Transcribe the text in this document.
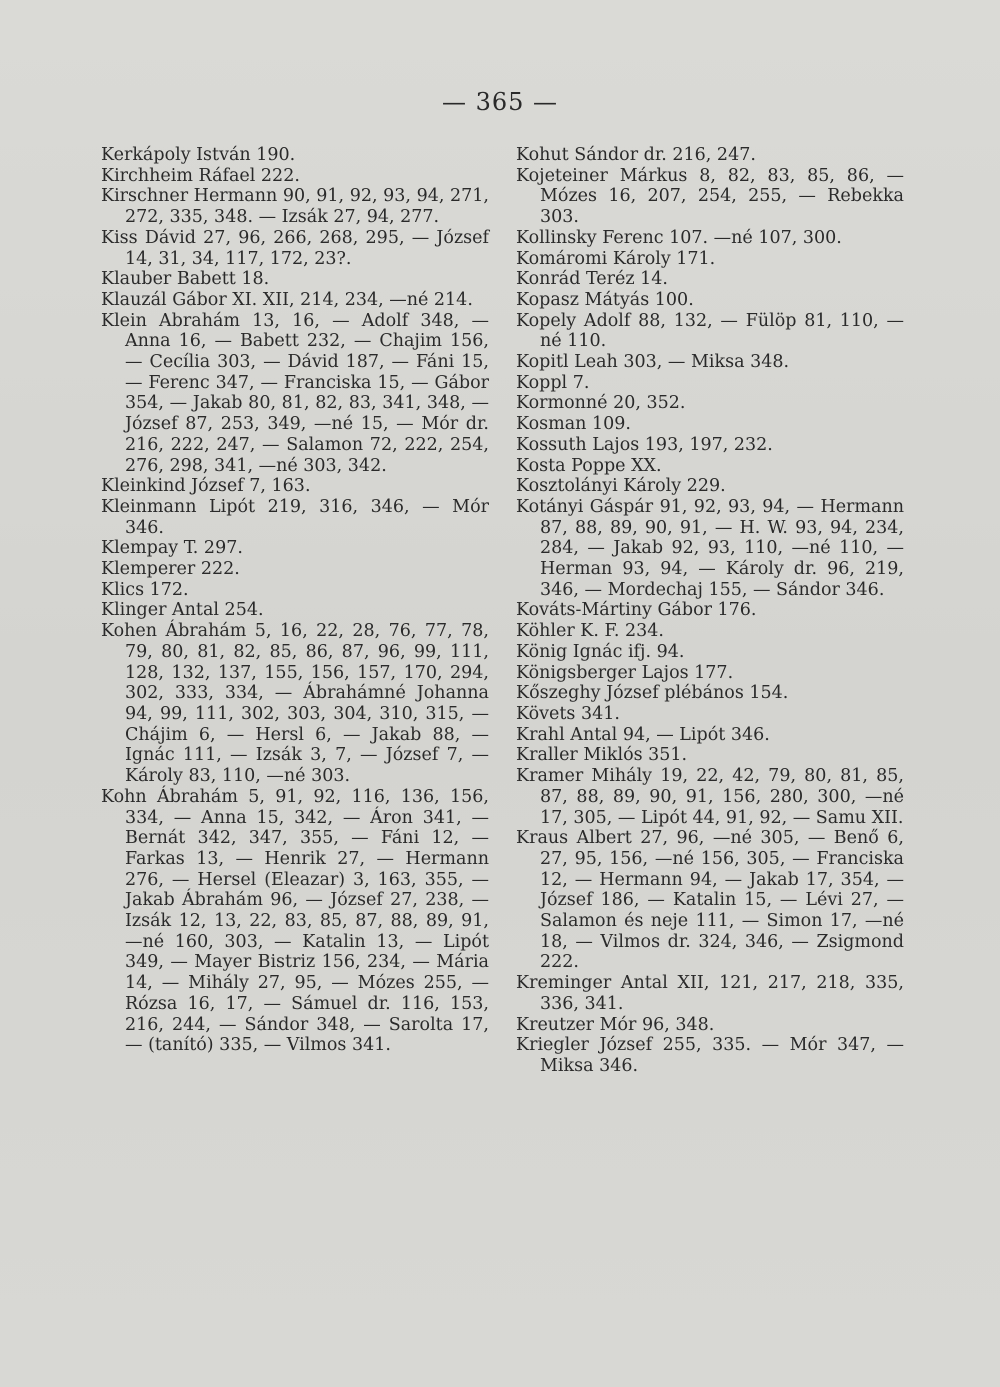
— 365 —
Kerkápoly István 190.
Kirchheim Ráfael 222.
Kirschner Hermann 90, 91, 92, 93, 94, 271, 272, 335, 348. — Izsák 27, 94, 277.
Kiss Dávid 27, 96, 266, 268, 295, — József 14, 31, 34, 117, 172, 23?.
Klauber Babett 18.
Klauzál Gábor XI. XII, 214, 234, —né 214.
Klein Abrahám 13, 16, — Adolf 348, — Anna 16, — Babett 232, — Chajim 156, — Cecília 303, — Dávid 187, — Fáni 15, — Ferenc 347, — Franciska 15, — Gábor 354, — Jakab 80, 81, 82, 83, 341, 348, — József 87, 253, 349, —né 15, — Mór dr. 216, 222, 247, — Salamon 72, 222, 254, 276, 298, 341, —né 303, 342.
Kleinkind József 7, 163.
Kleinmann Lipót 219, 316, 346, — Mór 346.
Klempay T. 297.
Klemperer 222.
Klics 172.
Klinger Antal 254.
Kohen Ábrahám 5, 16, 22, 28, 76, 77, 78, 79, 80, 81, 82, 85, 86, 87, 96, 99, 111, 128, 132, 137, 155, 156, 157, 170, 294, 302, 333, 334, — Ábrahámné Johanna 94, 99, 111, 302, 303, 304, 310, 315, — Chájim 6, — Hersl 6, — Jakab 88, — Ignác 111, — Izsák 3, 7, — József 7, — Károly 83, 110, —né 303.
Kohn Ábrahám 5, 91, 92, 116, 136, 156, 334, — Anna 15, 342, — Áron 341, — Bernát 342, 347, 355, — Fáni 12, — Farkas 13, — Henrik 27, — Hermann 276, — Hersel (Eleazar) 3, 163, 355, — Jakab Ábrahám 96, — József 27, 238, — Izsák 12, 13, 22, 83, 85, 87, 88, 89, 91, —né 160, 303, — Katalin 13, — Lipót 349, — Mayer Bistriz 156, 234, — Mária 14, — Mihály 27, 95, — Mózes 255, — Rózsa 16, 17, — Sámuel dr. 116, 153, 216, 244, — Sándor 348, — Sarolta 17, — (tanító) 335, — Vilmos 341.
Kohut Sándor dr. 216, 247.
Kojeteiner Márkus 8, 82, 83, 85, 86, — Mózes 16, 207, 254, 255, — Rebekka 303.
Kollinsky Ferenc 107. —né 107, 300.
Komáromi Károly 171.
Konrád Teréz 14.
Kopasz Mátyás 100.
Kopely Adolf 88, 132, — Fülöp 81, 110, —né 110.
Kopitl Leah 303, — Miksa 348.
Koppl 7.
Kormonné 20, 352.
Kosman 109.
Kossuth Lajos 193, 197, 232.
Kosta Poppe XX.
Kosztolányi Károly 229.
Kotányi Gáspár 91, 92, 93, 94, — Hermann 87, 88, 89, 90, 91, — H. W. 93, 94, 234, 284, — Jakab 92, 93, 110, —né 110, — Herman 93, 94, — Károly dr. 96, 219, 346, — Mordechaj 155, — Sándor 346.
Kováts-Mártiny Gábor 176.
Köhler K. F. 234.
König Ignác ifj. 94.
Königsberger Lajos 177.
Kőszeghy József plébános 154.
Követs 341.
Krahl Antal 94, — Lipót 346.
Kraller Miklós 351.
Kramer Mihály 19, 22, 42, 79, 80, 81, 85, 87, 88, 89, 90, 91, 156, 280, 300, —né 17, 305, — Lipót 44, 91, 92, — Samu XII.
Kraus Albert 27, 96, —né 305, — Benő 6, 27, 95, 156, —né 156, 305, — Franciska 12, — Hermann 94, — Jakab 17, 354, — József 186, — Katalin 15, — Lévi 27, — Salamon és neje 111, — Simon 17, —né 18, — Vilmos dr. 324, 346, — Zsigmond 222.
Kreminger Antal XII, 121, 217, 218, 335, 336, 341.
Kreutzer Mór 96, 348.
Kriegler József 255, 335. — Mór 347, — Miksa 346.
